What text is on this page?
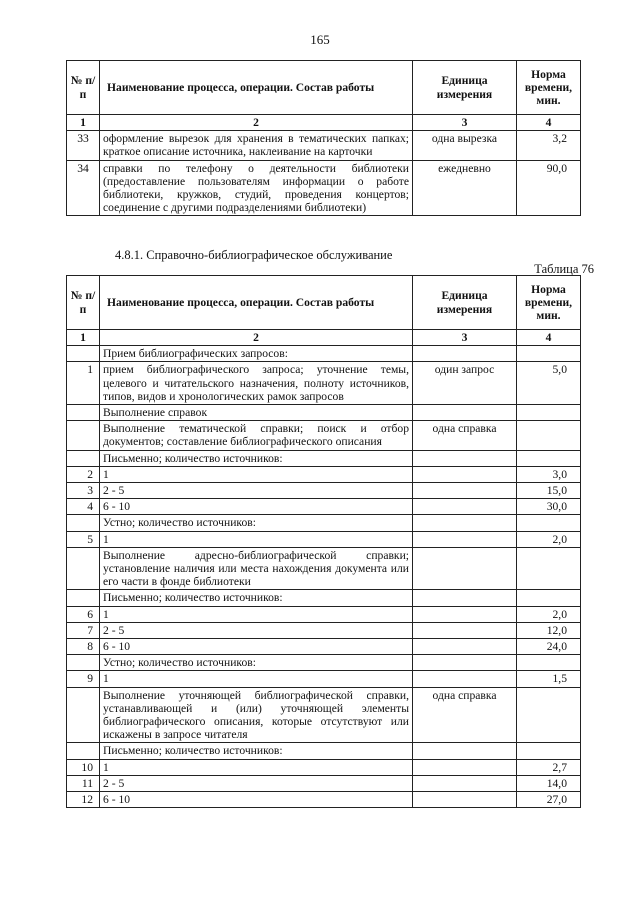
165
№ п/п	Наименование процесса, операции. Состав работы	Единица измерения	Норма времени, мин.
1	2	3	4
33	оформление вырезок для хранения в тематических папках; краткое описание источника, наклеивание на карточки	одна вырезка	3,2
34	справки по телефону о деятельности библиотеки (предоставление пользователям информации о работе библиотеки, кружков, студий, проведения концертов; соединение с другими подразделениями библиотеки)	ежедневно	90,0
4.8.1. Справочно-библиографическое обслуживание
Таблица 76
№ п/п	Наименование процесса, операции. Состав работы	Единица измерения	Норма времени, мин.
1	2	3	4
	Прием библиографических запросов:		
1	прием библиографического запроса; уточнение темы, целевого и читательского назначения, полноту источников, типов, видов и хронологических рамок запросов	один запрос	5,0
	Выполнение справок		
	Выполнение тематической справки; поиск и отбор документов; составление библиографического описания	одна справка	
	Письменно; количество источников:		
2	1		3,0
3	2 - 5		15,0
4	6 - 10		30,0
	Устно; количество источников:		
5	1		2,0
	Выполнение адресно-библиографической справки; установление наличия или места нахождения документа или его части в фонде библиотеки		
	Письменно; количество источников:		
6	1		2,0
7	2 - 5		12,0
8	6 - 10		24,0
	Устно; количество источников:		
9	1		1,5
	Выполнение уточняющей библиографической справки, устанавливающей и (или) уточняющей элементы библиографического описания, которые отсутствуют или искажены в запросе читателя	одна справка	
	Письменно; количество источников:		
10	1		2,7
11	2 - 5		14,0
12	6 - 10		27,0
